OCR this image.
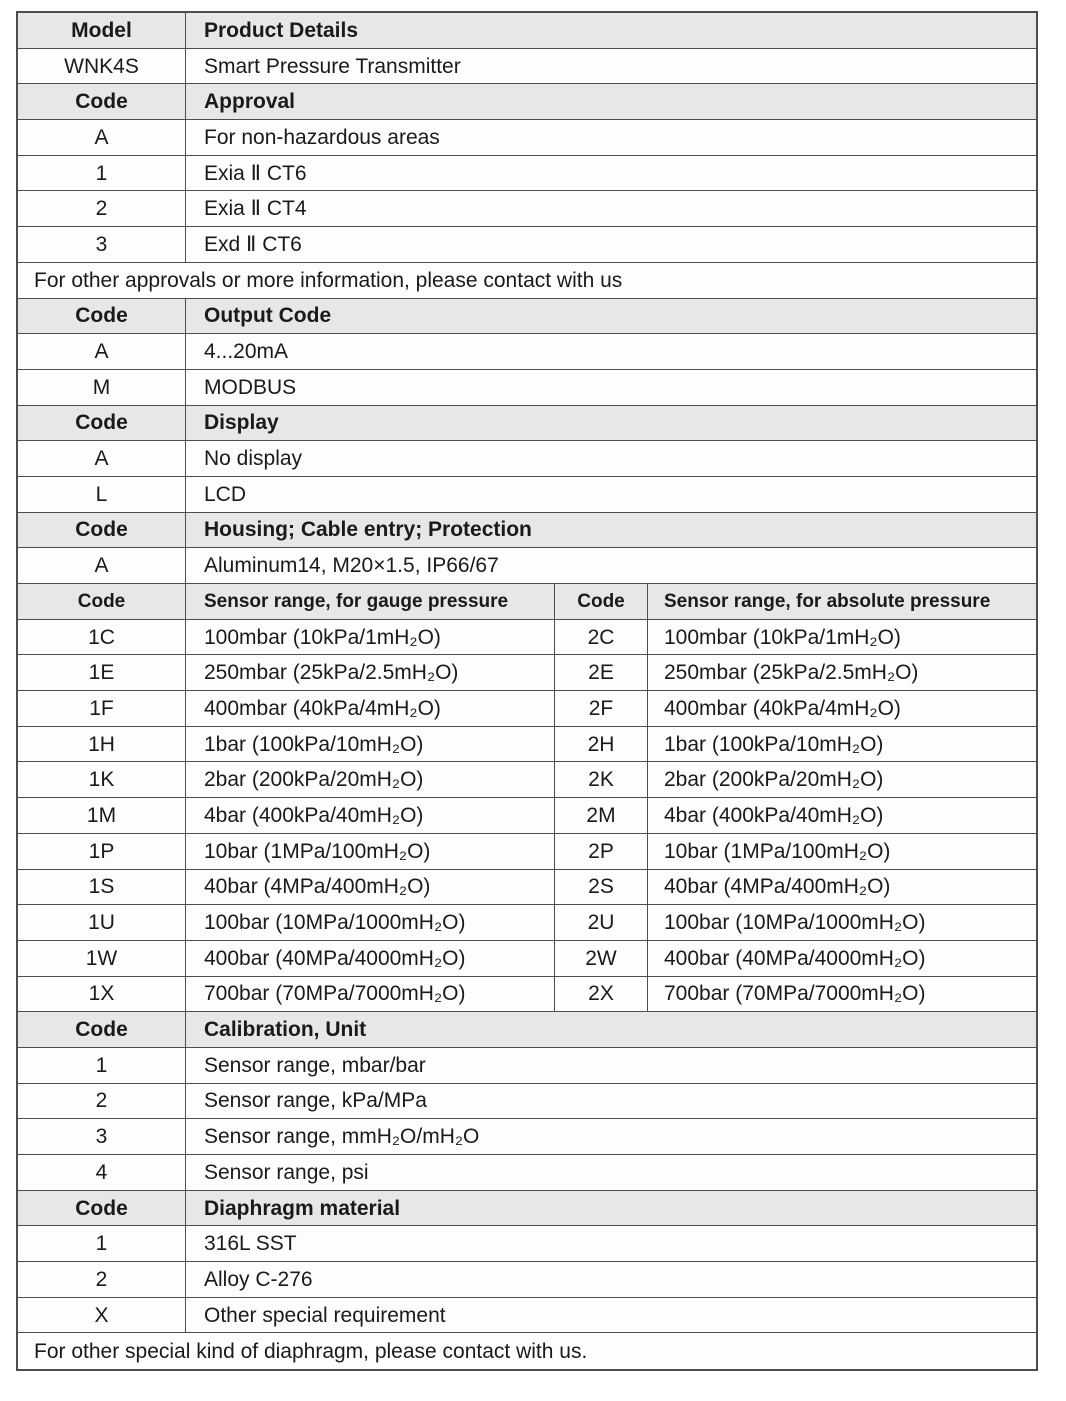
Model	Product Details
WNK4S	Smart Pressure Transmitter
Code	Approval
A	For non-hazardous areas
1	Exia Ⅱ CT6
2	Exia Ⅱ CT4
3	Exd Ⅱ CT6
For other approvals or more information, please contact with us
Code	Output Code
A	4...20mA
M	MODBUS
Code	Display
A	No display
L	LCD
Code	Housing; Cable entry; Protection
A	Aluminum14, M20×1.5, IP66/67
Code	Sensor range, for gauge pressure	Code	Sensor range, for absolute pressure
1C	100mbar (10kPa/1mH₂O)	2C	100mbar (10kPa/1mH₂O)
1E	250mbar (25kPa/2.5mH₂O)	2E	250mbar (25kPa/2.5mH₂O)
1F	400mbar (40kPa/4mH₂O)	2F	400mbar (40kPa/4mH₂O)
1H	1bar (100kPa/10mH₂O)	2H	1bar (100kPa/10mH₂O)
1K	2bar (200kPa/20mH₂O)	2K	2bar (200kPa/20mH₂O)
1M	4bar (400kPa/40mH₂O)	2M	4bar (400kPa/40mH₂O)
1P	10bar (1MPa/100mH₂O)	2P	10bar (1MPa/100mH₂O)
1S	40bar (4MPa/400mH₂O)	2S	40bar (4MPa/400mH₂O)
1U	100bar (10MPa/1000mH₂O)	2U	100bar (10MPa/1000mH₂O)
1W	400bar (40MPa/4000mH₂O)	2W	400bar (40MPa/4000mH₂O)
1X	700bar (70MPa/7000mH₂O)	2X	700bar (70MPa/7000mH₂O)
Code	Calibration, Unit
1	Sensor range, mbar/bar
2	Sensor range, kPa/MPa
3	Sensor range, mmH₂O/mH₂O
4	Sensor range, psi
Code	Diaphragm material
1	316L SST
2	Alloy C-276
X	Other special requirement
For other special kind of diaphragm, please contact with us.
